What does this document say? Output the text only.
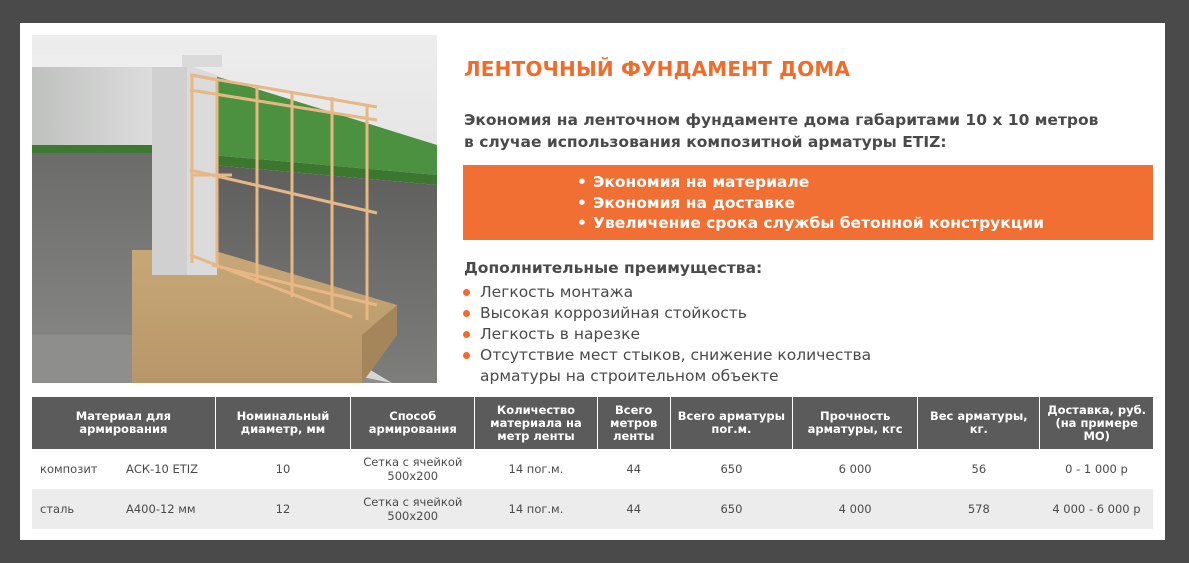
ЛЕНТОЧНЫЙ ФУНДАМЕНТ ДОМА
Экономия на ленточном фундаменте дома габаритами 10 х 10 метров
в случае использования композитной арматуры ETIZ:
• Экономия на материале
• Экономия на доставке
• Увеличение срока службы бетонной конструкции
Дополнительные преимущества:
Легкость монтажа
Высокая коррозийная стойкость
Легкость в нарезке
Отсутствие мест стыков, снижение количества арматуры на строительном объекте
Материал для армирования	Номинальный диаметр, мм	Способ армирования	Количество материала на метр ленты	Всего метров ленты	Всего арматуры пог.м.	Прочность арматуры, кгс	Вес арматуры, кг.	Доставка, руб. (на примере МО)

композит АСК-10 ETIZ	10	Сетка с ячейкой 500х200	14 пог.м.	44	650	6 000	56	0 - 1 000 р

сталь А400-12 мм	12	Сетка с ячейкой 500х200	14 пог.м.	44	650	4 000	578	4 000 - 6 000 р
